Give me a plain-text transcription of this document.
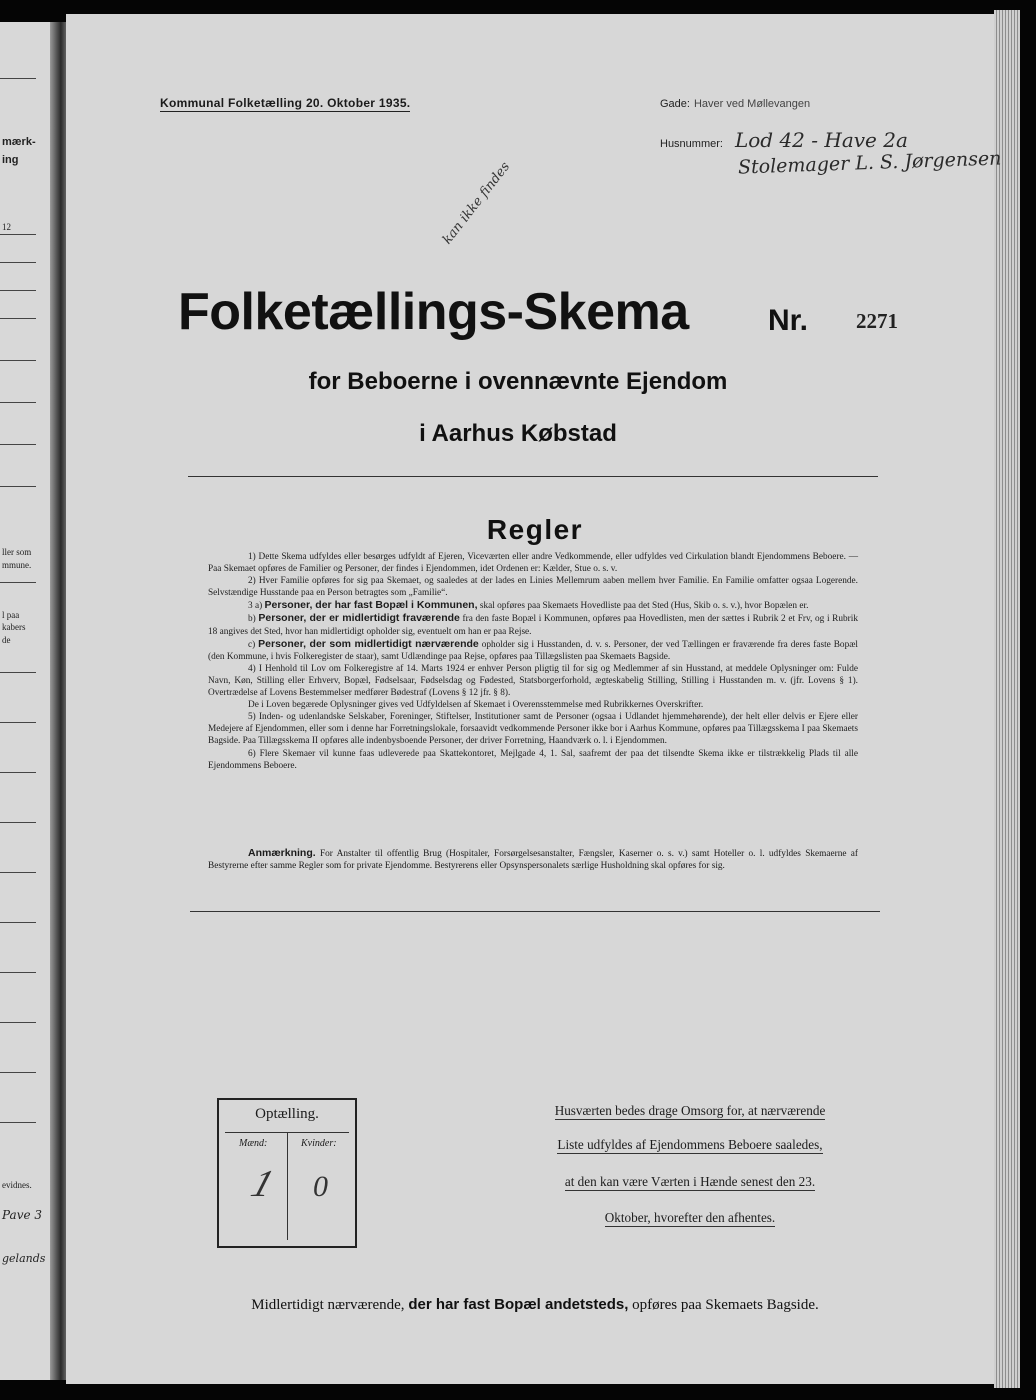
mærk-
ing
12
ller som
mmune.
l paa
kabers
de
evidnes.
Pave 3
gelands
Kommunal Folketælling 20. Oktober 1935.	Gade: Haver ved Møllevangen
Husnummer: Lod 42 - Have 2a
Stolemager L. S. Jørgensen
kan ikke findes
Folketællings-Skema	Nr. 2271
for Beboerne i ovennævnte Ejendom
i Aarhus Købstad
Regler

1) Dette Skema udfyldes eller besørges udfyldt af Ejeren, Viceværten eller andre Vedkommende, eller udfyldes ved Cirkulation blandt Ejendommens Beboere. — Paa Skemaet opføres de Familier og Personer, der findes i Ejendommen, idet Ordenen er: Kælder, Stue o. s. v.

2) Hver Familie opføres for sig paa Skemaet, og saaledes at der lades en Linies Mellemrum aaben mellem hver Familie. En Familie omfatter ogsaa Logerende. Selvstændige Husstande paa en Person betragtes som „Familie“.

3 a) Personer, der har fast Bopæl i Kommunen, skal opføres paa Skemaets Hovedliste paa det Sted (Hus, Skib o. s. v.), hvor Bopælen er.

b) Personer, der er midlertidigt fraværende fra den faste Bopæl i Kommunen, opføres paa Hovedlisten, men der sættes i Rubrik 2 et Frv, og i Rubrik 18 angives det Sted, hvor han midlertidigt opholder sig, eventuelt om han er paa Rejse.

c) Personer, der som midlertidigt nærværende opholder sig i Husstanden, d. v. s. Personer, der ved Tællingen er fraværende fra deres faste Bopæl (den Kommune, i hvis Folkeregister de staar), samt Udlændinge paa Rejse, opføres paa Tillægslisten paa Skemaets Bagside.

4) I Henhold til Lov om Folkeregistre af 14. Marts 1924 er enhver Person pligtig til for sig og Medlemmer af sin Husstand, at meddele Oplysninger om: Fulde Navn, Køn, Stilling eller Erhverv, Bopæl, Fødselsaar, Fødselsdag og Fødested, Statsborgerforhold, ægteskabelig Stilling, Stilling i Husstanden m. v. (jfr. Lovens § 1). Overtrædelse af Lovens Bestemmelser medfører Bødestraf (Lovens § 12 jfr. § 8).

De i Loven begærede Oplysninger gives ved Udfyldelsen af Skemaet i Overensstemmelse med Rubrikkernes Overskrifter.

5) Inden- og udenlandske Selskaber, Foreninger, Stiftelser, Institutioner samt de Personer (ogsaa i Udlandet hjemmehørende), der helt eller delvis er Ejere eller Medejere af Ejendommen, eller som i denne har Forretningslokale, forsaavidt vedkommende Personer ikke bor i Aarhus Kommune, opføres paa Tillægsskema I paa Skemaets Bagside. Paa Tillægsskema II opføres alle indenbysboende Personer, der driver Forretning, Haandværk o. l. i Ejendommen.

6) Flere Skemaer vil kunne faas udleverede paa Skattekontoret, Mejlgade 4, 1. Sal, saafremt der paa det tilsendte Skema ikke er tilstrækkelig Plads til alle Ejendommens Beboere.

Anmærkning. For Anstalter til offentlig Brug (Hospitaler, Forsørgelsesanstalter, Fængsler, Kaserner o. s. v.) samt Hoteller o. l. udfyldes Skemaerne af Bestyrerne efter samme Regler som for private Ejendomme. Bestyrerens eller Opsynspersonalets særlige Husholdning skal opføres for sig.
Optælling.
Mænd:	Kvinder:
1 0
Husværten bedes drage Omsorg for, at nærværende
Liste udfyldes af Ejendommens Beboere saaledes,
at den kan være Værten i Hænde senest den 23.
Oktober, hvorefter den afhentes.
Midlertidigt nærværende, der har fast Bopæl andetsteds, opføres paa Skemaets Bagside.
